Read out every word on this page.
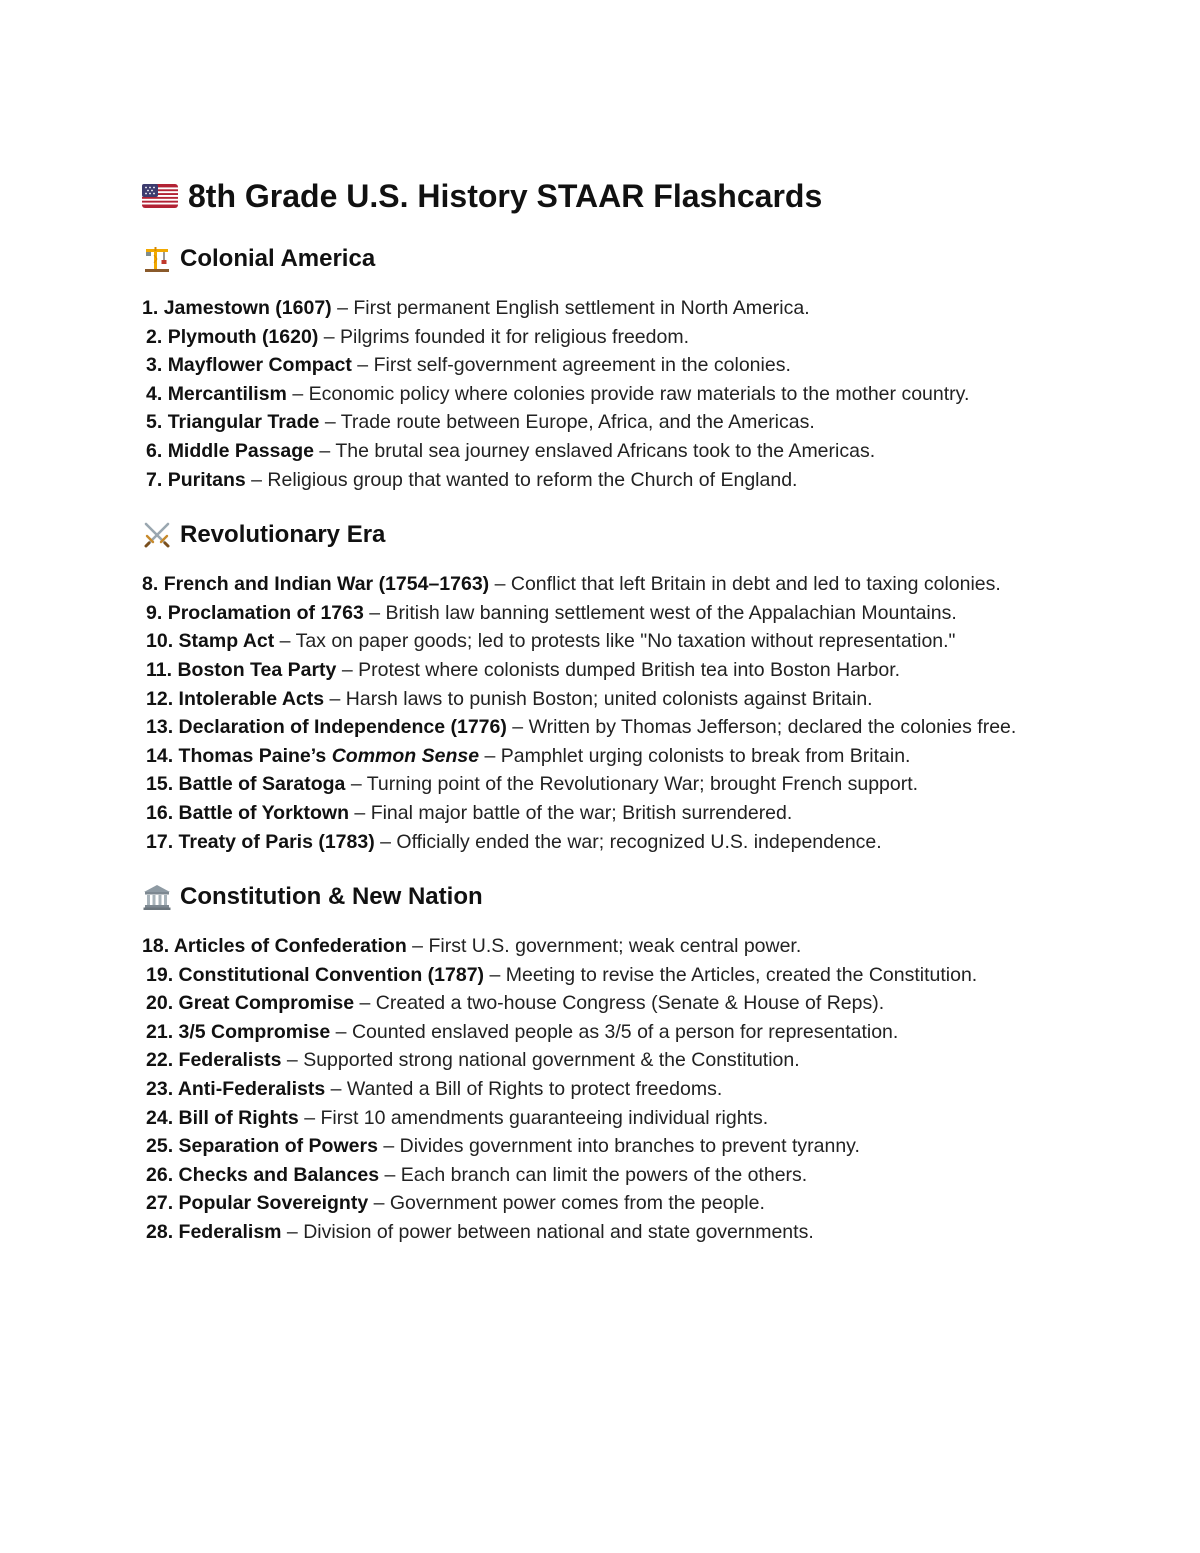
8th Grade U.S. History STAAR Flashcards
Colonial America

1. Jamestown (1607) – First permanent English settlement in North America.

2. Plymouth (1620) – Pilgrims founded it for religious freedom.

3. Mayflower Compact – First self-government agreement in the colonies.

4. Mercantilism – Economic policy where colonies provide raw materials to the mother country.

5. Triangular Trade – Trade route between Europe, Africa, and the Americas.

6. Middle Passage – The brutal sea journey enslaved Africans took to the Americas.

7. Puritans – Religious group that wanted to reform the Church of England.

Revolutionary Era

8. French and Indian War (1754–1763) – Conflict that left Britain in debt and led to taxing colonies.

9. Proclamation of 1763 – British law banning settlement west of the Appalachian Mountains.

10. Stamp Act – Tax on paper goods; led to protests like "No taxation without representation."

11. Boston Tea Party – Protest where colonists dumped British tea into Boston Harbor.

12. Intolerable Acts – Harsh laws to punish Boston; united colonists against Britain.

13. Declaration of Independence (1776) – Written by Thomas Jefferson; declared the colonies free.

14. Thomas Paine’s Common Sense – Pamphlet urging colonists to break from Britain.

15. Battle of Saratoga – Turning point of the Revolutionary War; brought French support.

16. Battle of Yorktown – Final major battle of the war; British surrendered.

17. Treaty of Paris (1783) – Officially ended the war; recognized U.S. independence.

Constitution & New Nation

18. Articles of Confederation – First U.S. government; weak central power.

19. Constitutional Convention (1787) – Meeting to revise the Articles, created the Constitution.

20. Great Compromise – Created a two-house Congress (Senate & House of Reps).

21. 3/5 Compromise – Counted enslaved people as 3/5 of a person for representation.

22. Federalists – Supported strong national government & the Constitution.

23. Anti-Federalists – Wanted a Bill of Rights to protect freedoms.

24. Bill of Rights – First 10 amendments guaranteeing individual rights.

25. Separation of Powers – Divides government into branches to prevent tyranny.

26. Checks and Balances – Each branch can limit the powers of the others.

27. Popular Sovereignty – Government power comes from the people.

28. Federalism – Division of power between national and state governments.
